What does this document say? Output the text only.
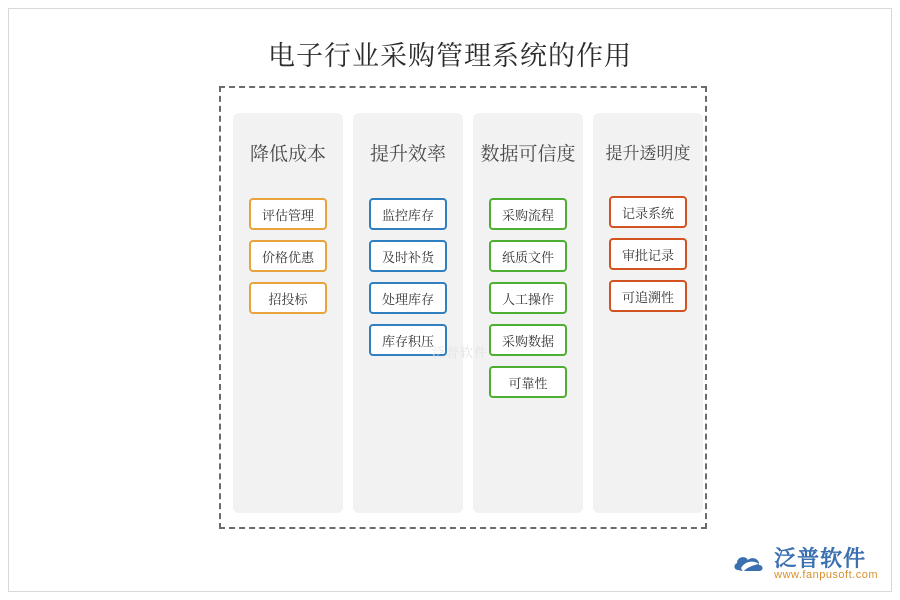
电子行业采购管理系统的作用
降低成本
评估管理
价格优惠
招投标
提升效率
监控库存
及时补货
处理库存
库存积压
数据可信度
采购流程
纸质文件
人工操作
采购数据
可靠性
提升透明度
记录系统
审批记录
可追溯性
泛普软件
泛普软件
www.fanpusoft.com
